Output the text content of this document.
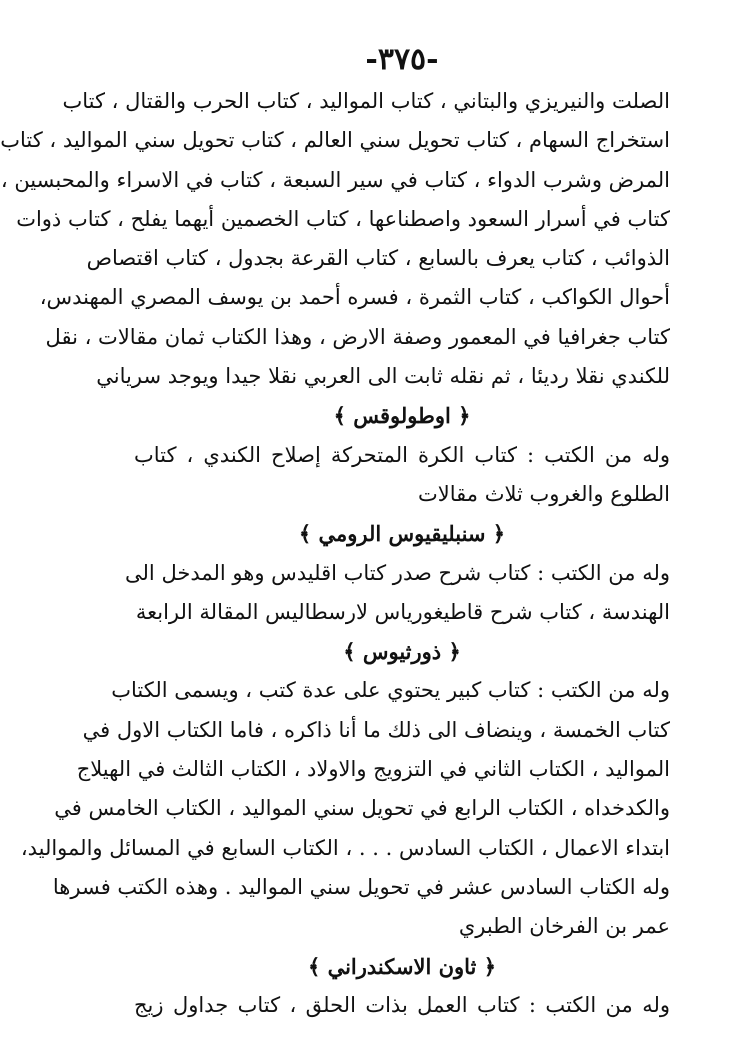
-٣٧٥-
الصلت والنيريزي والبتاني ، كتاب المواليد ، كتاب الحرب والقتال ، كتاب
استخراج السهام ، كتاب تحويل سني العالم ، كتاب تحويل سني المواليد ، كتاب
المرض وشرب الدواء ، كتاب في سير السبعة ، كتاب في الاسراء والمحبسين ،
كتاب في أسرار السعود واصطناعها ، كتاب الخصمين أيهما يفلح ، كتاب ذوات
الذوائب ، كتاب يعرف بالسابع ، كتاب القرعة بجدول ، كتاب اقتصاص
أحوال الكواكب ، كتاب الثمرة ، فسره أحمد بن يوسف المصري المهندس،
كتاب جغرافيا في المعمور وصفة الارض ، وهذا الكتاب ثمان مقالات ، نقل
للكندي نقلا رديئا ، ثم نقله ثابت الى العربي نقلا جيدا ويوجد سرياني
﴿ اوطولوقس ﴾
وله من الكتب : كتاب الكرة المتحركة إصلاح الكندي ، كتاب
الطلوع والغروب ثلاث مقالات
﴿ سنبليقيوس الرومي ﴾
وله من الكتب : كتاب شرح صدر كتاب اقليدس وهو المدخل الى
الهندسة ، كتاب شرح قاطيغورياس لارسطاليس المقالة الرابعة
﴿ ذورثيوس ﴾
وله من الكتب : كتاب كبير يحتوي على عدة كتب ، ويسمى الكتاب
كتاب الخمسة ، وينضاف الى ذلك ما أنا ذاكره ، فاما الكتاب الاول في
المواليد ، الكتاب الثاني في التزويج والاولاد ، الكتاب الثالث في الهيلاج
والكدخداه ، الكتاب الرابع في تحويل سني المواليد ، الكتاب الخامس في
ابتداء الاعمال ، الكتاب السادس . . . ، الكتاب السابع في المسائل والمواليد،
وله الكتاب السادس عشر في تحويل سني المواليد . وهذه الكتب فسرها
عمر بن الفرخان الطبري
﴿ ثاون الاسكندراني ﴾
وله من الكتب : كتاب العمل بذات الحلق ، كتاب جداول زيج
